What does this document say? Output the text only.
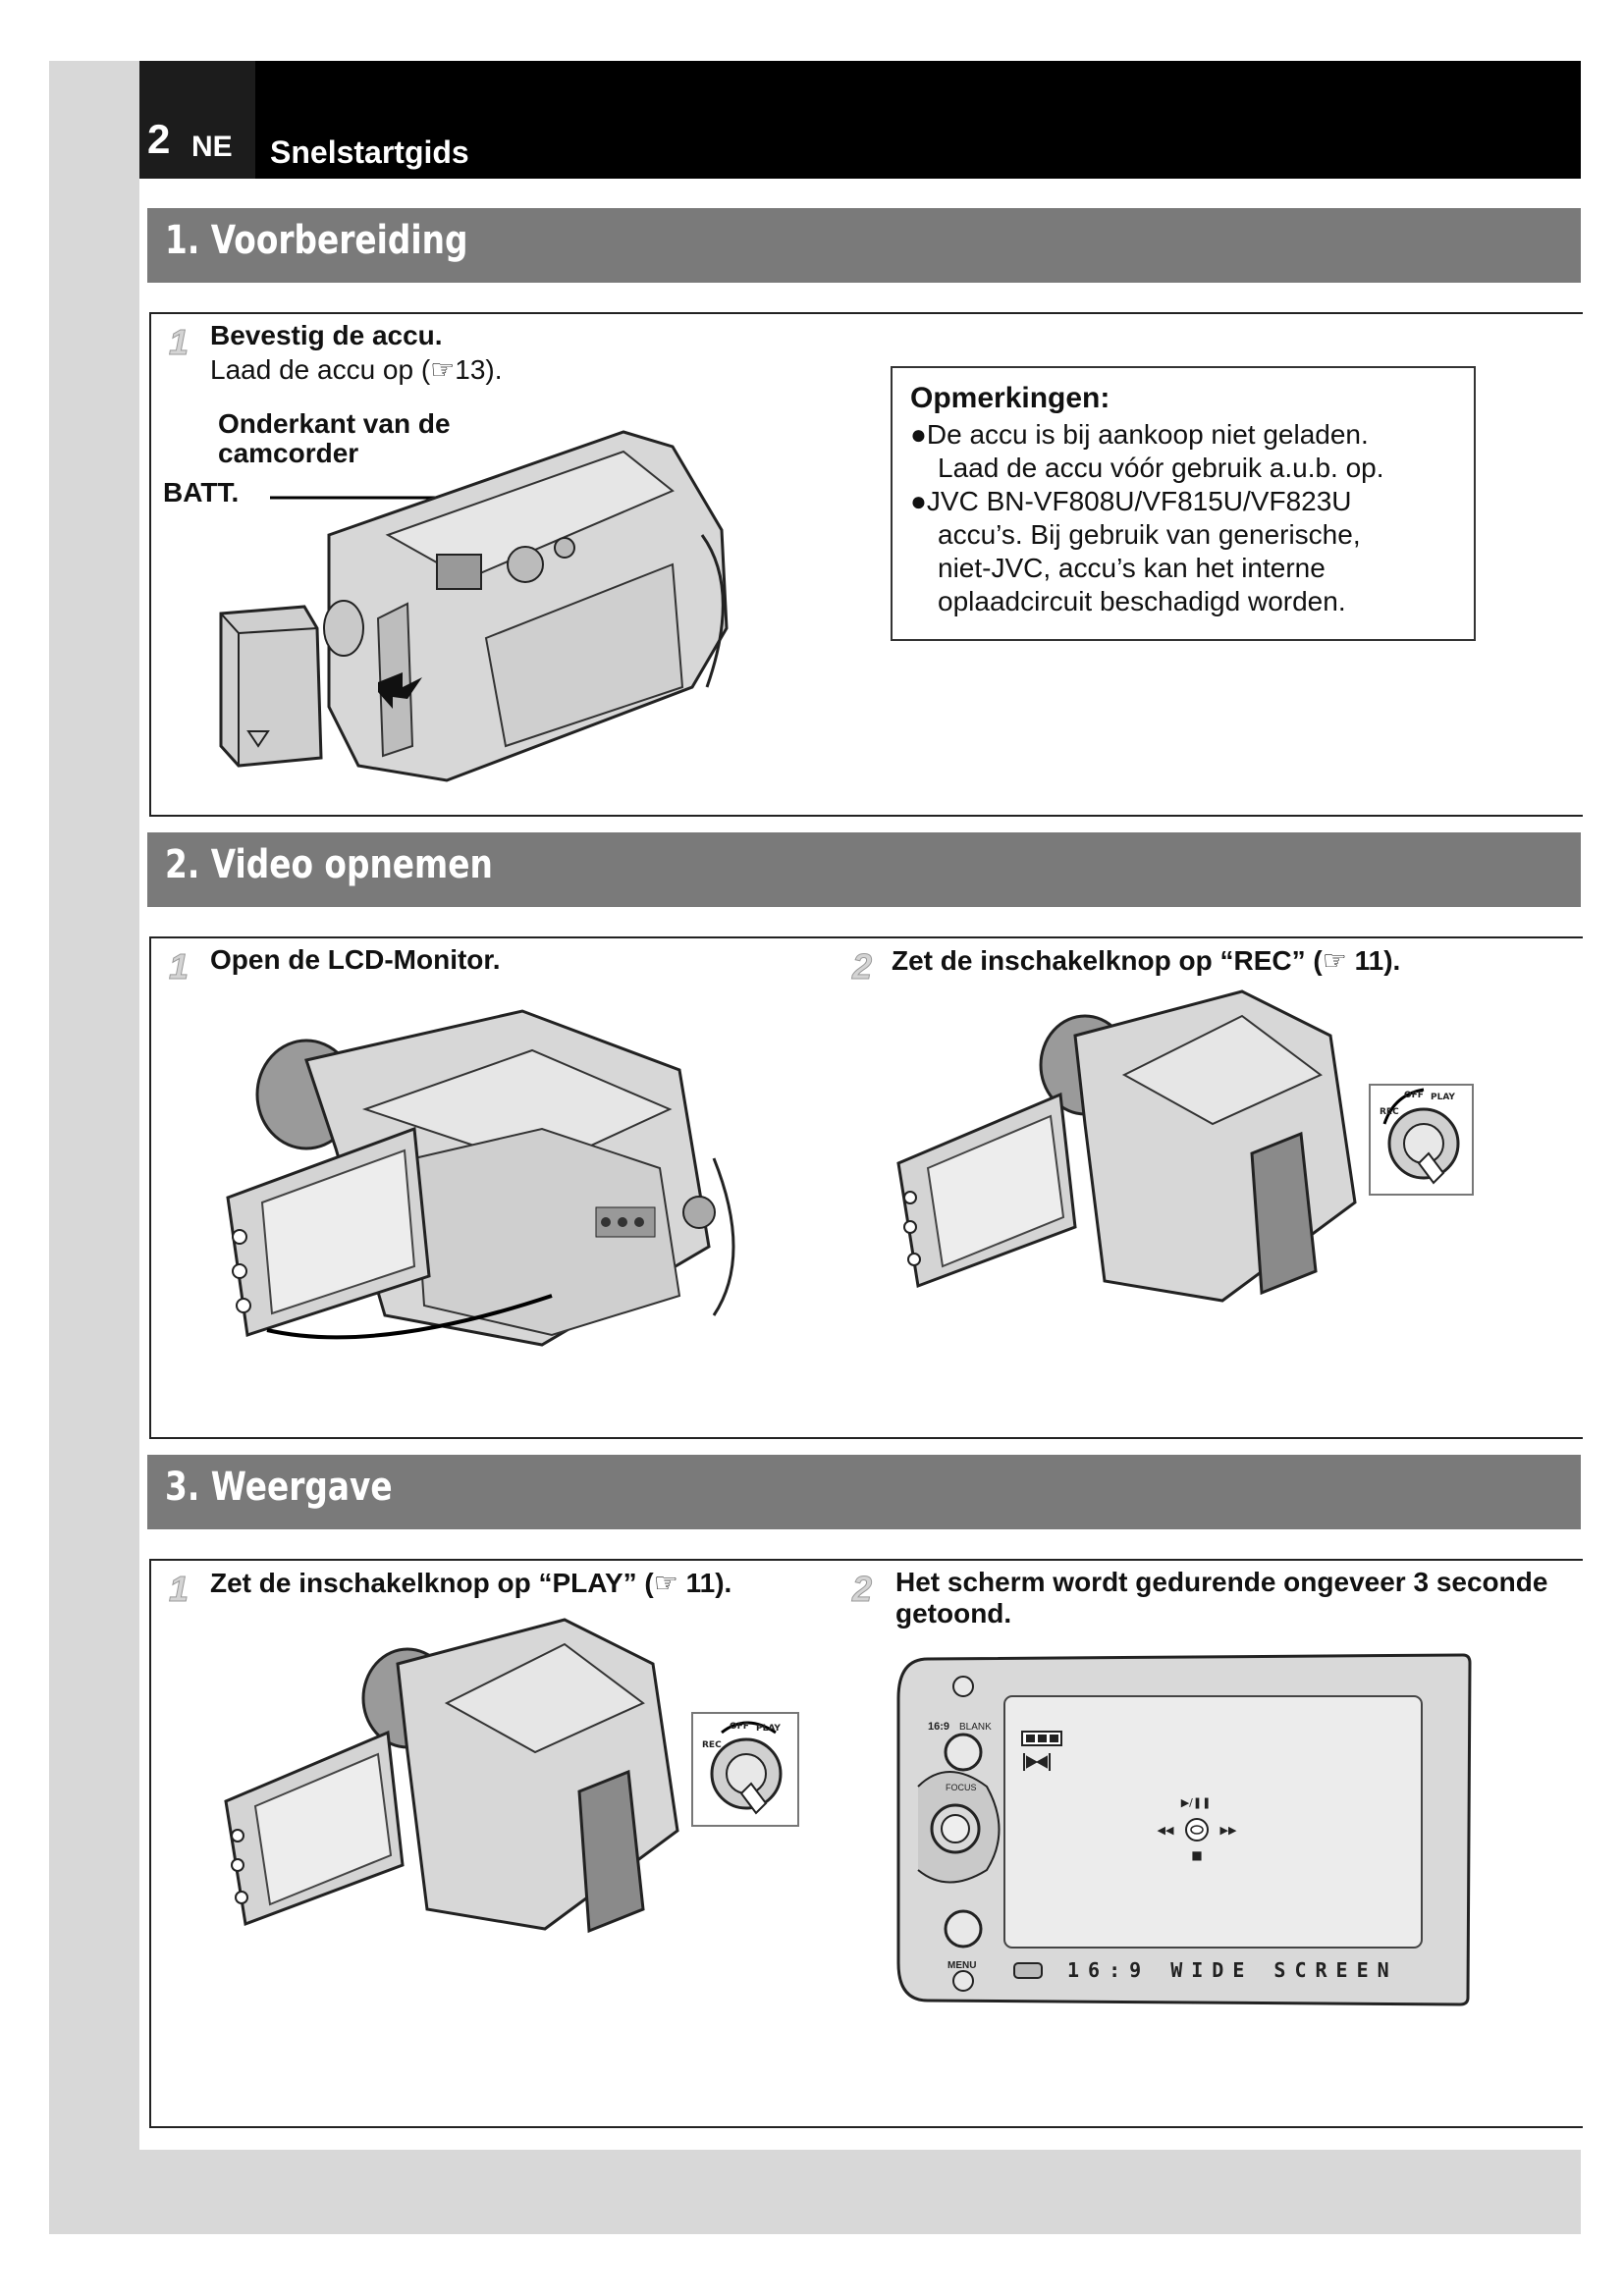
2 NE Snelstartgids
1. Voorbereiding
1 Bevestig de accu.
Laad de accu op (☞13).
Onderkant van de
camcorder
BATT.
Opmerkingen:
●De accu is bij aankoop niet geladen.
Laad de accu vóór gebruik a.u.b. op.
●JVC BN-VF808U/VF815U/VF823U
accu’s. Bij gebruik van generische,
niet-JVC, accu’s kan het interne
oplaadcircuit beschadigd worden.
2. Video opnemen
1 Open de LCD-Monitor.	2 Zet de inschakelknop op “REC” (☞ 11).
REC
OFF PLAY
3. Weergave
1 Zet de inschakelknop op “PLAY” (☞ 11).	2 Het scherm wordt gedurende ongeveer 3 seconde
getoond.
REC
OFF PLAY	16:9 BLANK
FOCUS
MENU
▶/❚❚
◀◀	▶▶
■
16:9 WIDE SCREEN
